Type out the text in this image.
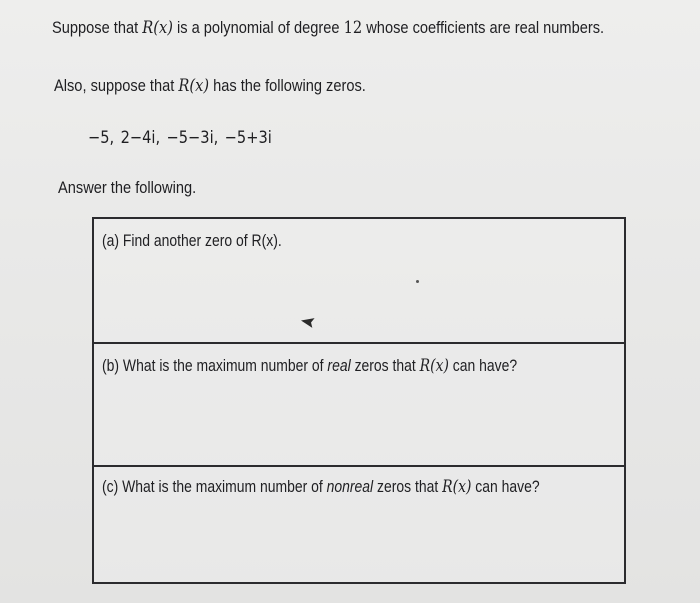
Suppose that R(x) is a polynomial of degree 12 whose coefficients are real numbers.
Also, suppose that R(x) has the following zeros.
−5, 2−4i, −5−3i, −5+3i
Answer the following.
(a) Find another zero of R(x).
(b) What is the maximum number of real zeros that R(x) can have?
(c) What is the maximum number of nonreal zeros that R(x) can have?
